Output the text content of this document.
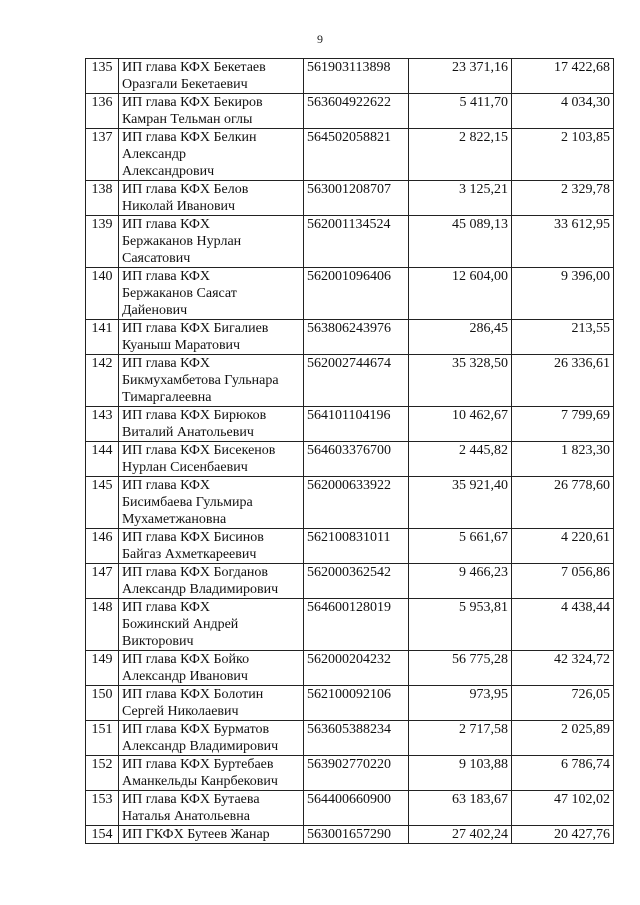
9
135	ИП глава КФХ Бекетаев
Оразгали Бекетаевич	561903113898	23 371,16	17 422,68
136	ИП глава КФХ Бекиров
Камран Тельман оглы	563604922622	5 411,70	4 034,30
137	ИП глава КФХ Белкин
Александр
Александрович	564502058821	2 822,15	2 103,85
138	ИП глава КФХ Белов
Николай Иванович	563001208707	3 125,21	2 329,78
139	ИП глава КФХ
Бержаканов Нурлан
Саясатович	562001134524	45 089,13	33 612,95
140	ИП глава КФХ
Бержаканов Саясат
Дайенович	562001096406	12 604,00	9 396,00
141	ИП глава КФХ Бигалиев
Куаныш Маратович	563806243976	286,45	213,55
142	ИП глава КФХ
Бикмухамбетова Гульнара
Тимаргалеевна	562002744674	35 328,50	26 336,61
143	ИП глава КФХ Бирюков
Виталий Анатольевич	564101104196	10 462,67	7 799,69
144	ИП глава КФХ Бисекенов
Нурлан Сисенбаевич	564603376700	2 445,82	1 823,30
145	ИП глава КФХ
Бисимбаева Гульмира
Мухаметжановна	562000633922	35 921,40	26 778,60
146	ИП глава КФХ Бисинов
Байгаз Ахметкареевич	562100831011	5 661,67	4 220,61
147	ИП глава КФХ Богданов
Александр Владимирович	562000362542	9 466,23	7 056,86
148	ИП глава КФХ
Божинский Андрей
Викторович	564600128019	5 953,81	4 438,44
149	ИП глава КФХ Бойко
Александр Иванович	562000204232	56 775,28	42 324,72
150	ИП глава КФХ Болотин
Сергей Николаевич	562100092106	973,95	726,05
151	ИП глава КФХ Бурматов
Александр Владимирович	563605388234	2 717,58	2 025,89
152	ИП глава КФХ Буртебаев
Аманкельды Канрбекович	563902770220	9 103,88	6 786,74
153	ИП глава КФХ Бутаева
Наталья Анатольевна	564400660900	63 183,67	47 102,02
154	ИП ГКФХ Бутеев Жанар	563001657290	27 402,24	20 427,76
